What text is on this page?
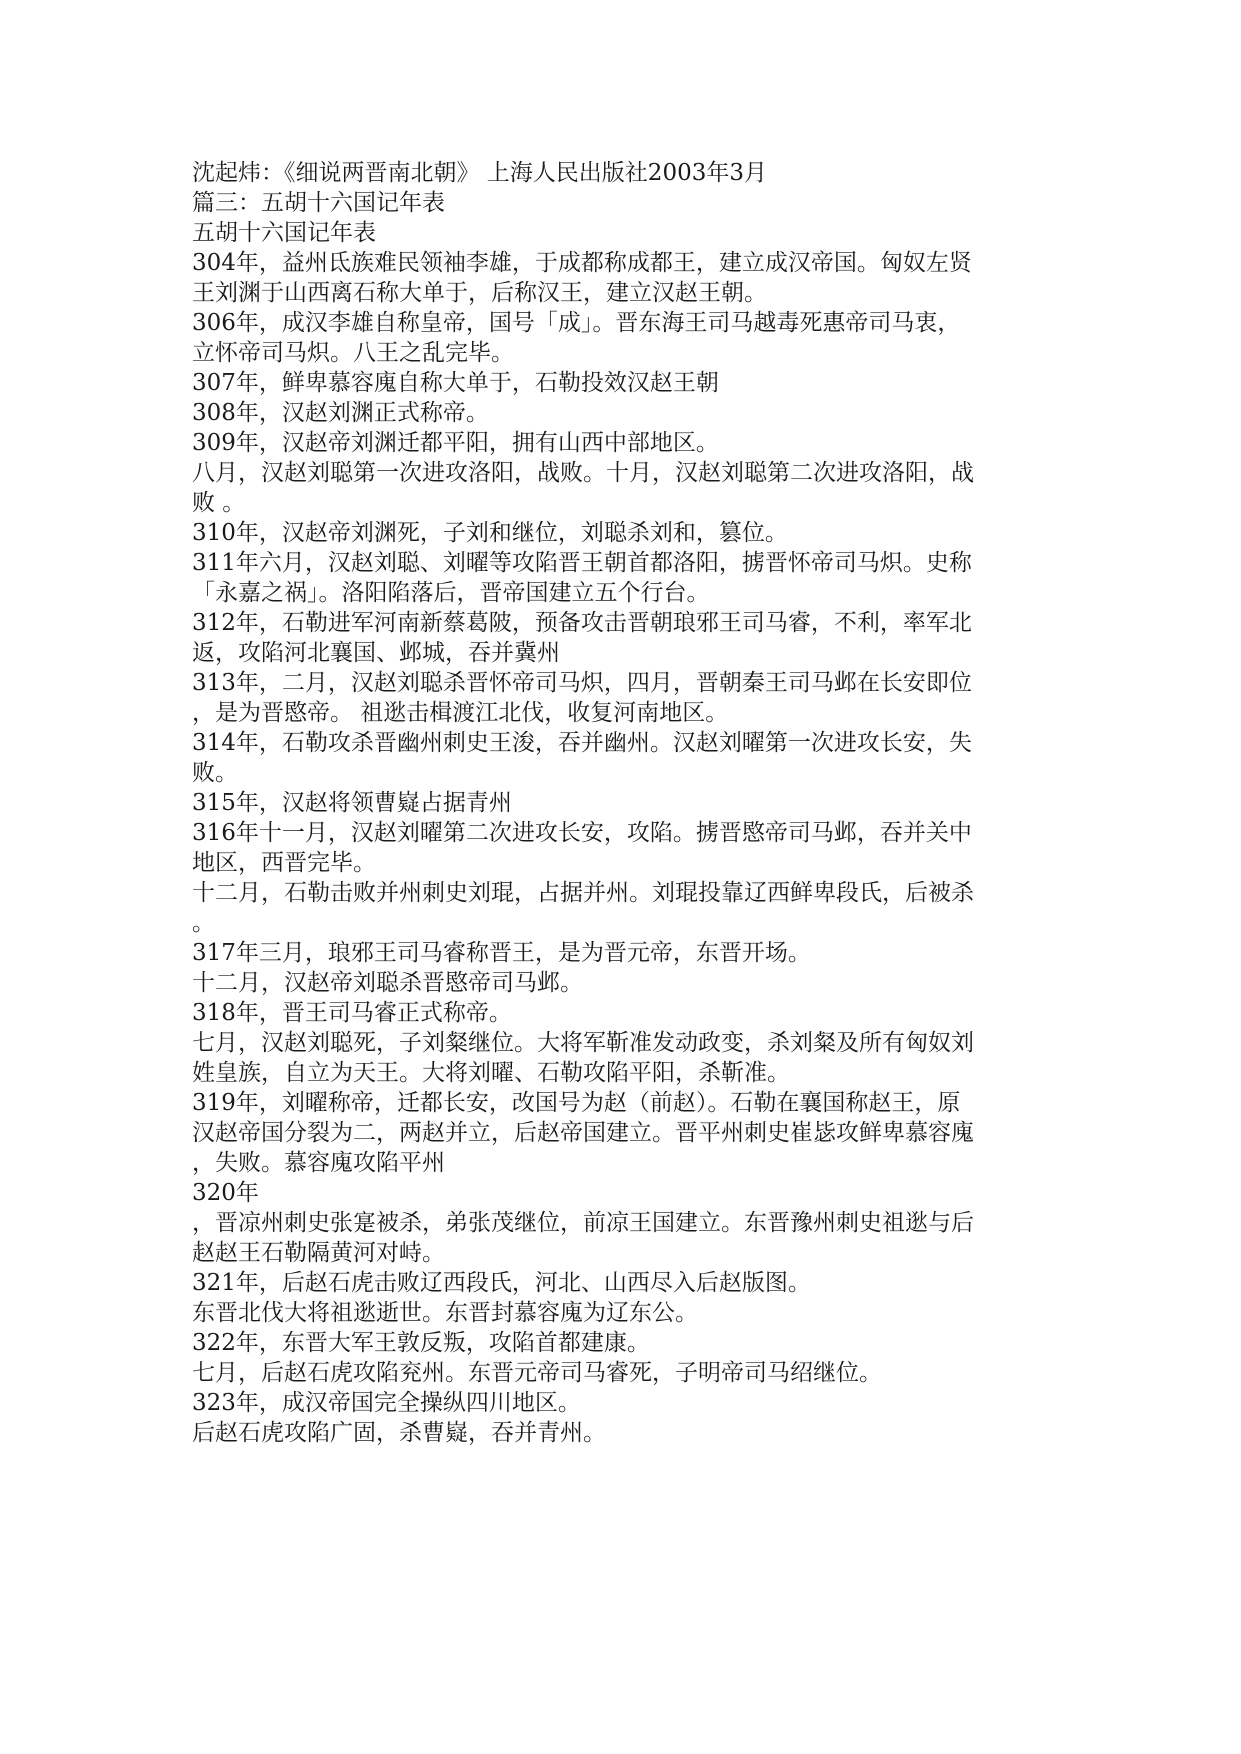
沈起炜：《细说两晋南北朝》 上海人民出版社2003年3月
篇三：五胡十六国记年表
五胡十六国记年表
304年，益州氐族难民领袖李雄，于成都称成都王，建立成汉帝国。匈奴左贤
王刘渊于山西离石称大单于，后称汉王，建立汉赵王朝。
306年，成汉李雄自称皇帝，国号「成」。晋东海王司马越毒死惠帝司马衷，
立怀帝司马炽。八王之乱完毕。
307年，鲜卑慕容廆自称大单于，石勒投效汉赵王朝
308年，汉赵刘渊正式称帝。
309年，汉赵帝刘渊迁都平阳，拥有山西中部地区。
八月，汉赵刘聪第一次进攻洛阳，战败。十月，汉赵刘聪第二次进攻洛阳，战
败 。
310年，汉赵帝刘渊死，子刘和继位，刘聪杀刘和，篡位。
311年六月，汉赵刘聪、刘曜等攻陷晋王朝首都洛阳，掳晋怀帝司马炽。史称
「永嘉之祸」。洛阳陷落后，晋帝国建立五个行台。
312年，石勒进军河南新蔡葛陂，预备攻击晋朝琅邪王司马睿，不利，率军北
返，攻陷河北襄国、邺城，吞并冀州
313年，二月，汉赵刘聪杀晋怀帝司马炽，四月，晋朝秦王司马邺在长安即位
，是为晋愍帝。 祖逖击楫渡江北伐，收复河南地区。
314年，石勒攻杀晋幽州刺史王浚，吞并幽州。汉赵刘曜第一次进攻长安，失
败。
315年，汉赵将领曹嶷占据青州
316年十一月，汉赵刘曜第二次进攻长安，攻陷。掳晋愍帝司马邺，吞并关中
地区，西晋完毕。
十二月，石勒击败并州刺史刘琨，占据并州。刘琨投靠辽西鲜卑段氏，后被杀
。
317年三月，琅邪王司马睿称晋王，是为晋元帝，东晋开场。
十二月，汉赵帝刘聪杀晋愍帝司马邺。
318年，晋王司马睿正式称帝。
七月，汉赵刘聪死，子刘粲继位。大将军靳准发动政变，杀刘粲及所有匈奴刘
姓皇族，自立为天王。大将刘曜、石勒攻陷平阳，杀靳准。
319年，刘曜称帝，迁都长安，改国号为赵（前赵）。石勒在襄国称赵王，原
汉赵帝国分裂为二，两赵并立，后赵帝国建立。晋平州刺史崔毖攻鲜卑慕容廆
，失败。慕容廆攻陷平州
320年
，晋凉州刺史张寔被杀，弟张茂继位，前凉王国建立。东晋豫州刺史祖逖与后
赵赵王石勒隔黄河对峙。
321年，后赵石虎击败辽西段氏，河北、山西尽入后赵版图。
东晋北伐大将祖逖逝世。东晋封慕容廆为辽东公。
322年，东晋大军王敦反叛，攻陷首都建康。
七月，后赵石虎攻陷兖州。东晋元帝司马睿死，子明帝司马绍继位。
323年，成汉帝国完全操纵四川地区。
后赵石虎攻陷广固，杀曹嶷，吞并青州。
